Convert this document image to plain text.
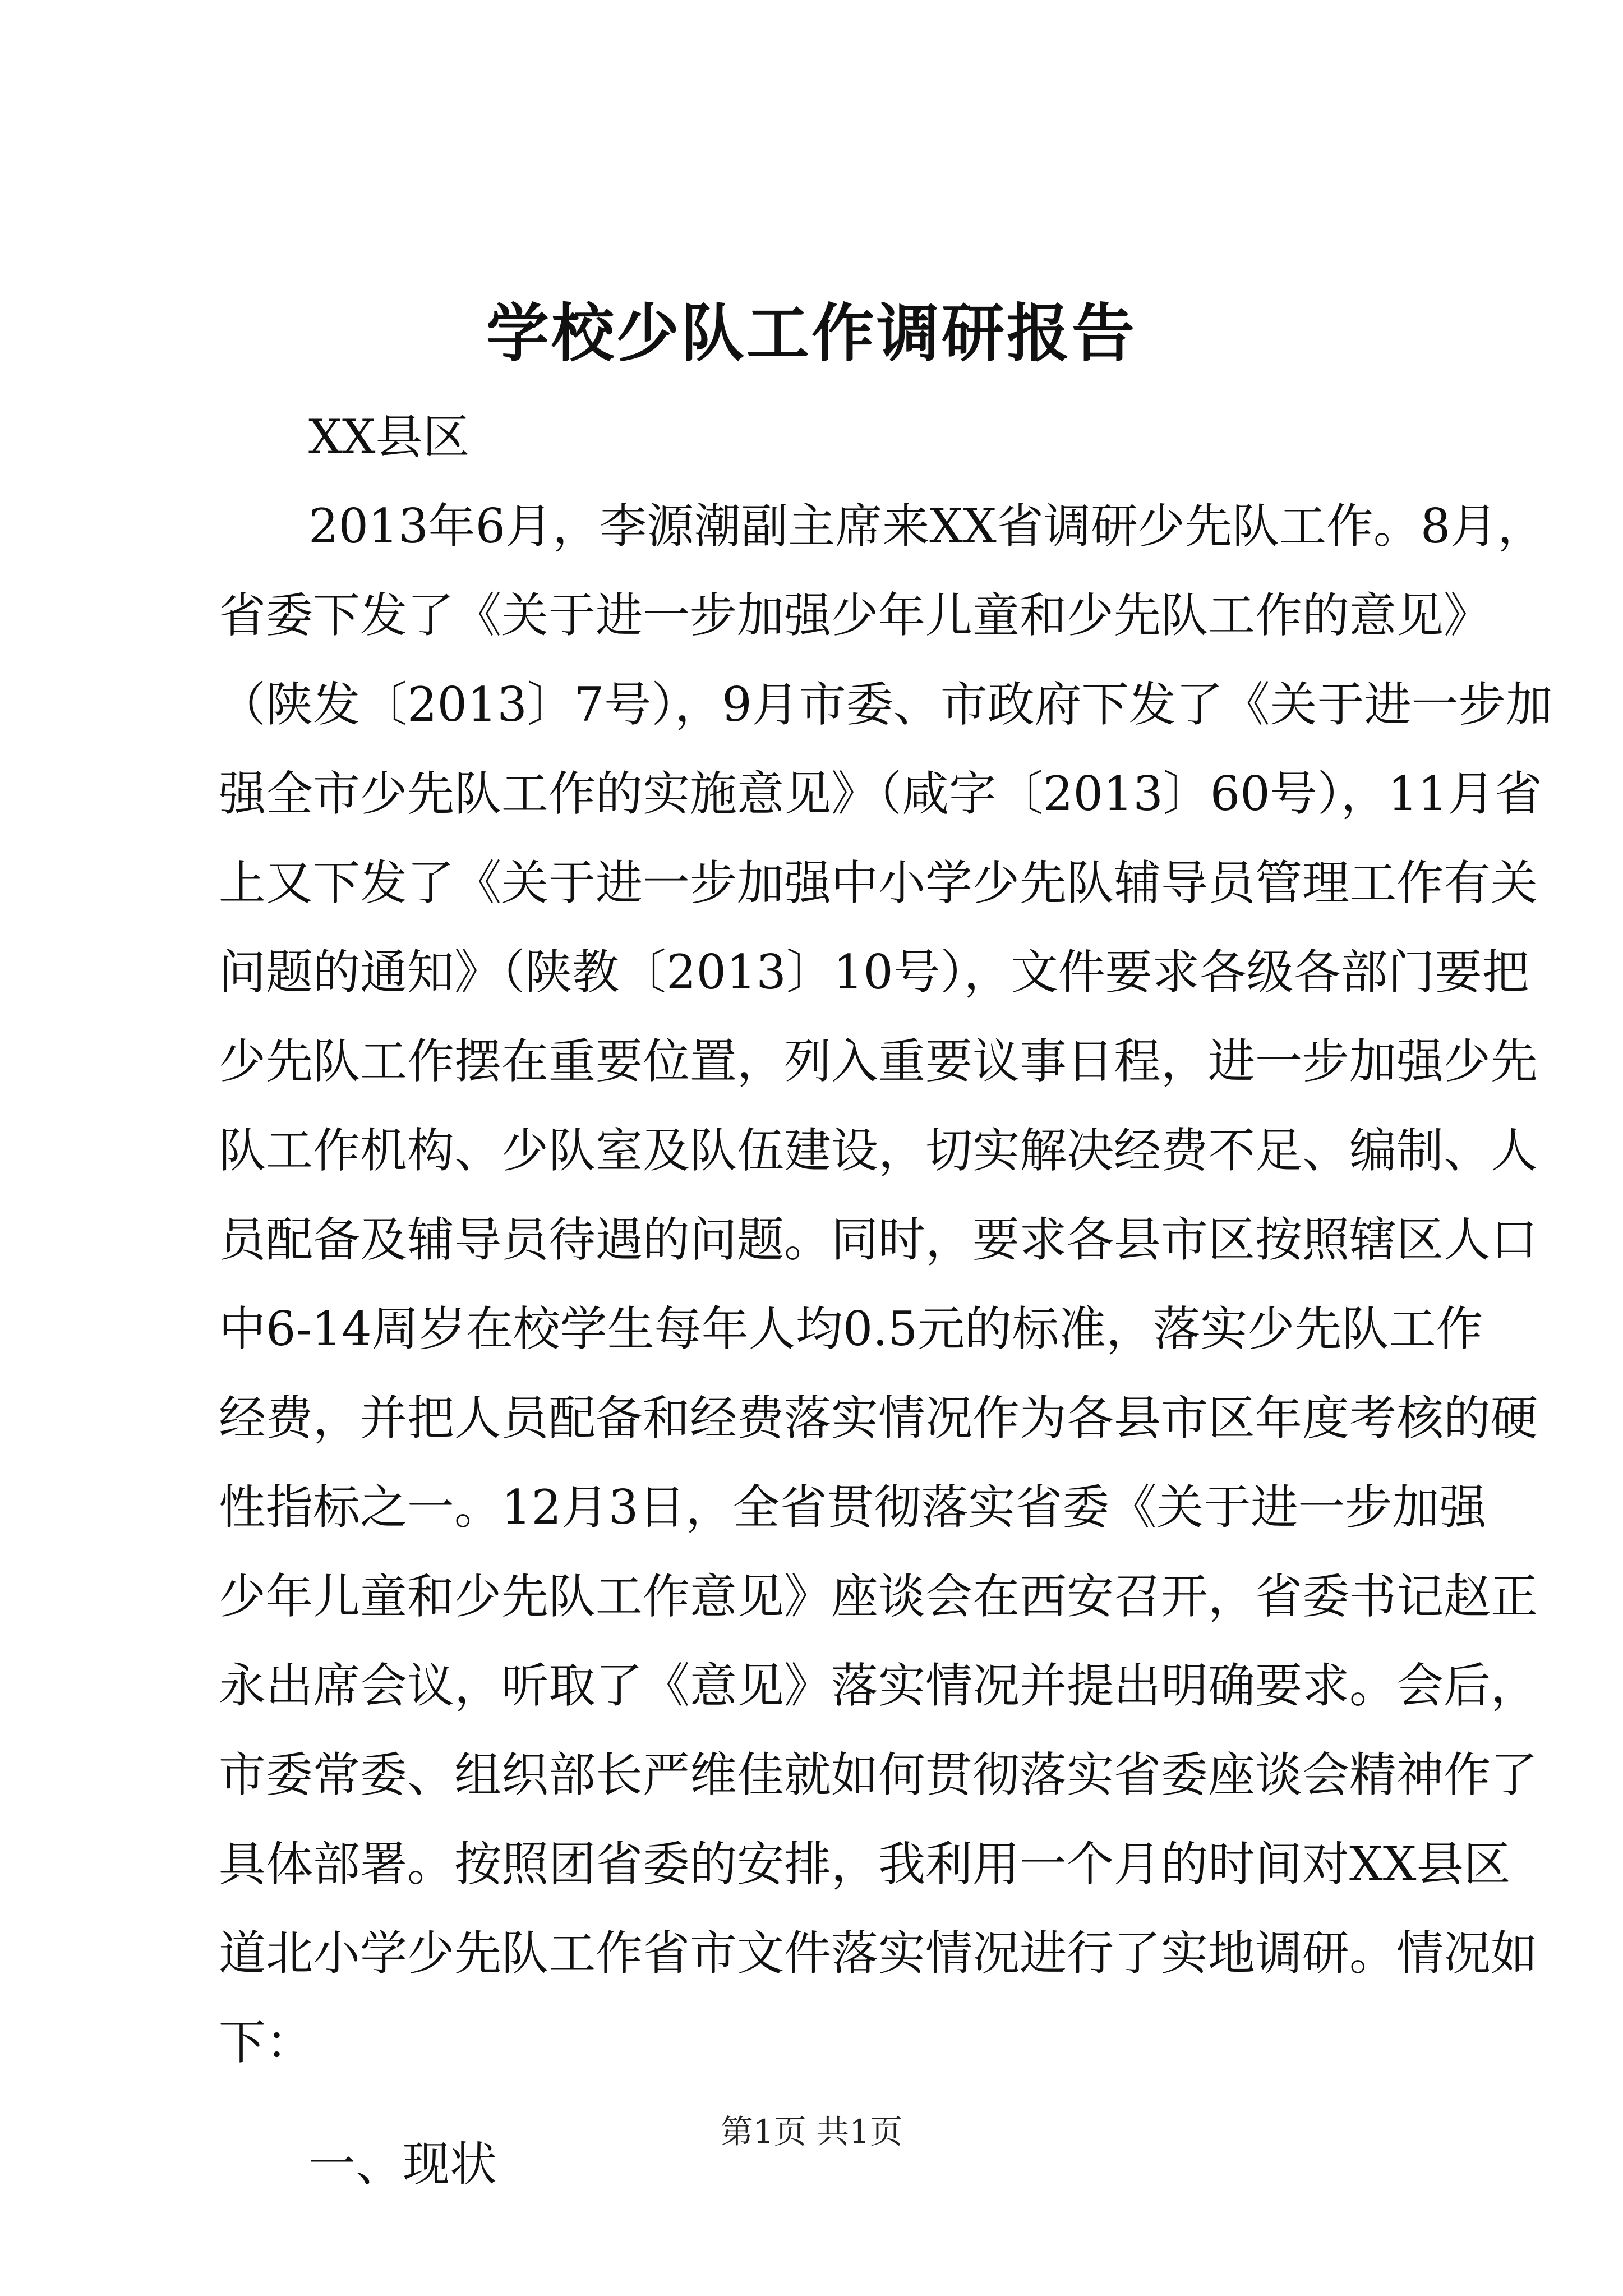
学校少队工作调研报告
XX县区
2013年6月，李源潮副主席来XX省调研少先队工作。8月，
省委下发了《关于进一步加强少年儿童和少先队工作的意见》
（陕发〔2013〕7号），9月市委、市政府下发了《关于进一步加
强全市少先队工作的实施意见》（咸字〔2013〕60号），11月省
上又下发了《关于进一步加强中小学少先队辅导员管理工作有关
问题的通知》（陕教〔2013〕10号），文件要求各级各部门要把
少先队工作摆在重要位置，列入重要议事日程，进一步加强少先
队工作机构、少队室及队伍建设，切实解决经费不足、编制、人
员配备及辅导员待遇的问题。同时，要求各县市区按照辖区人口
中6-14周岁在校学生每年人均0.5元的标准，落实少先队工作
经费，并把人员配备和经费落实情况作为各县市区年度考核的硬
性指标之一。12月3日，全省贯彻落实省委《关于进一步加强
少年儿童和少先队工作意见》座谈会在西安召开，省委书记赵正
永出席会议，听取了《意见》落实情况并提出明确要求。会后，
市委常委、组织部长严维佳就如何贯彻落实省委座谈会精神作了
具体部署。按照团省委的安排，我利用一个月的时间对XX县区
道北小学少先队工作省市文件落实情况进行了实地调研。情况如
下：
一、现状
第1页 共1页
